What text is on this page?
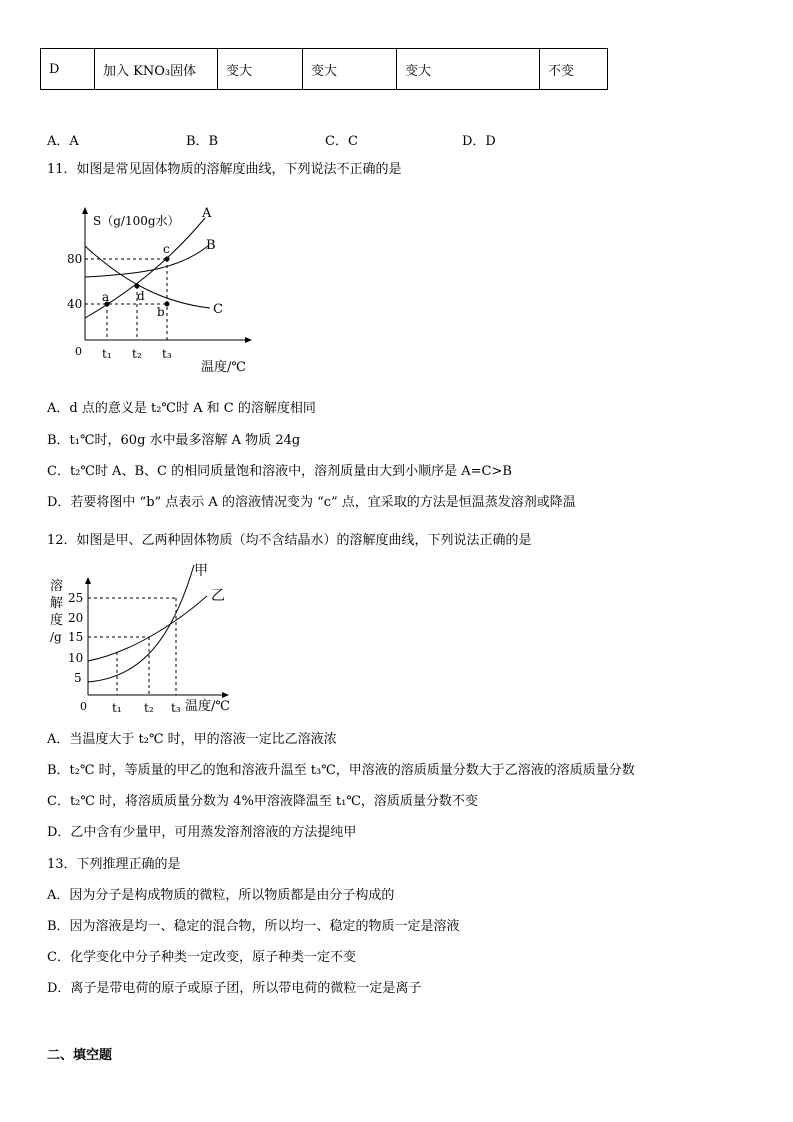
D	加入 KNO₃固体	变大	变大	变大	不变
A．A	B．B	C．C	D．D
11．如图是常见固体物质的溶解度曲线，下列说法不正确的是
S（g/100g水）
80
40
0 t₁ t₂ t₃
温度/℃
A
B
C
a
b
c
d
A．d 点的意义是 t₂℃时 A 和 C 的溶解度相同
B．t₁℃时，60g 水中最多溶解 A 物质 24g
C．t₂℃时 A、B、C 的相同质量饱和溶液中，溶剂质量由大到小顺序是 A=C>B
D．若要将图中 “b” 点表示 A 的溶液情况变为 “c” 点，宜采取的方法是恒温蒸发溶剂或降温
12．如图是甲、乙两种固体物质（均不含结晶水）的溶解度曲线，下列说法正确的是
溶
解
度
/g
25
20
15
10
5
0 t₁ t₂ t₃ 温度/℃
甲
乙
A．当温度大于 t₂℃ 时，甲的溶液一定比乙溶液浓
B．t₂℃ 时，等质量的甲乙的饱和溶液升温至 t₃℃，甲溶液的溶质质量分数大于乙溶液的溶质质量分数
C．t₂℃ 时，将溶质质量分数为 4%甲溶液降温至 t₁℃，溶质质量分数不变
D．乙中含有少量甲，可用蒸发溶剂溶液的方法提纯甲
13．下列推理正确的是
A．因为分子是构成物质的微粒，所以物质都是由分子构成的
B．因为溶液是均一、稳定的混合物，所以均一、稳定的物质一定是溶液
C．化学变化中分子种类一定改变，原子种类一定不变
D．离子是带电荷的原子或原子团，所以带电荷的微粒一定是离子
二、填空题
